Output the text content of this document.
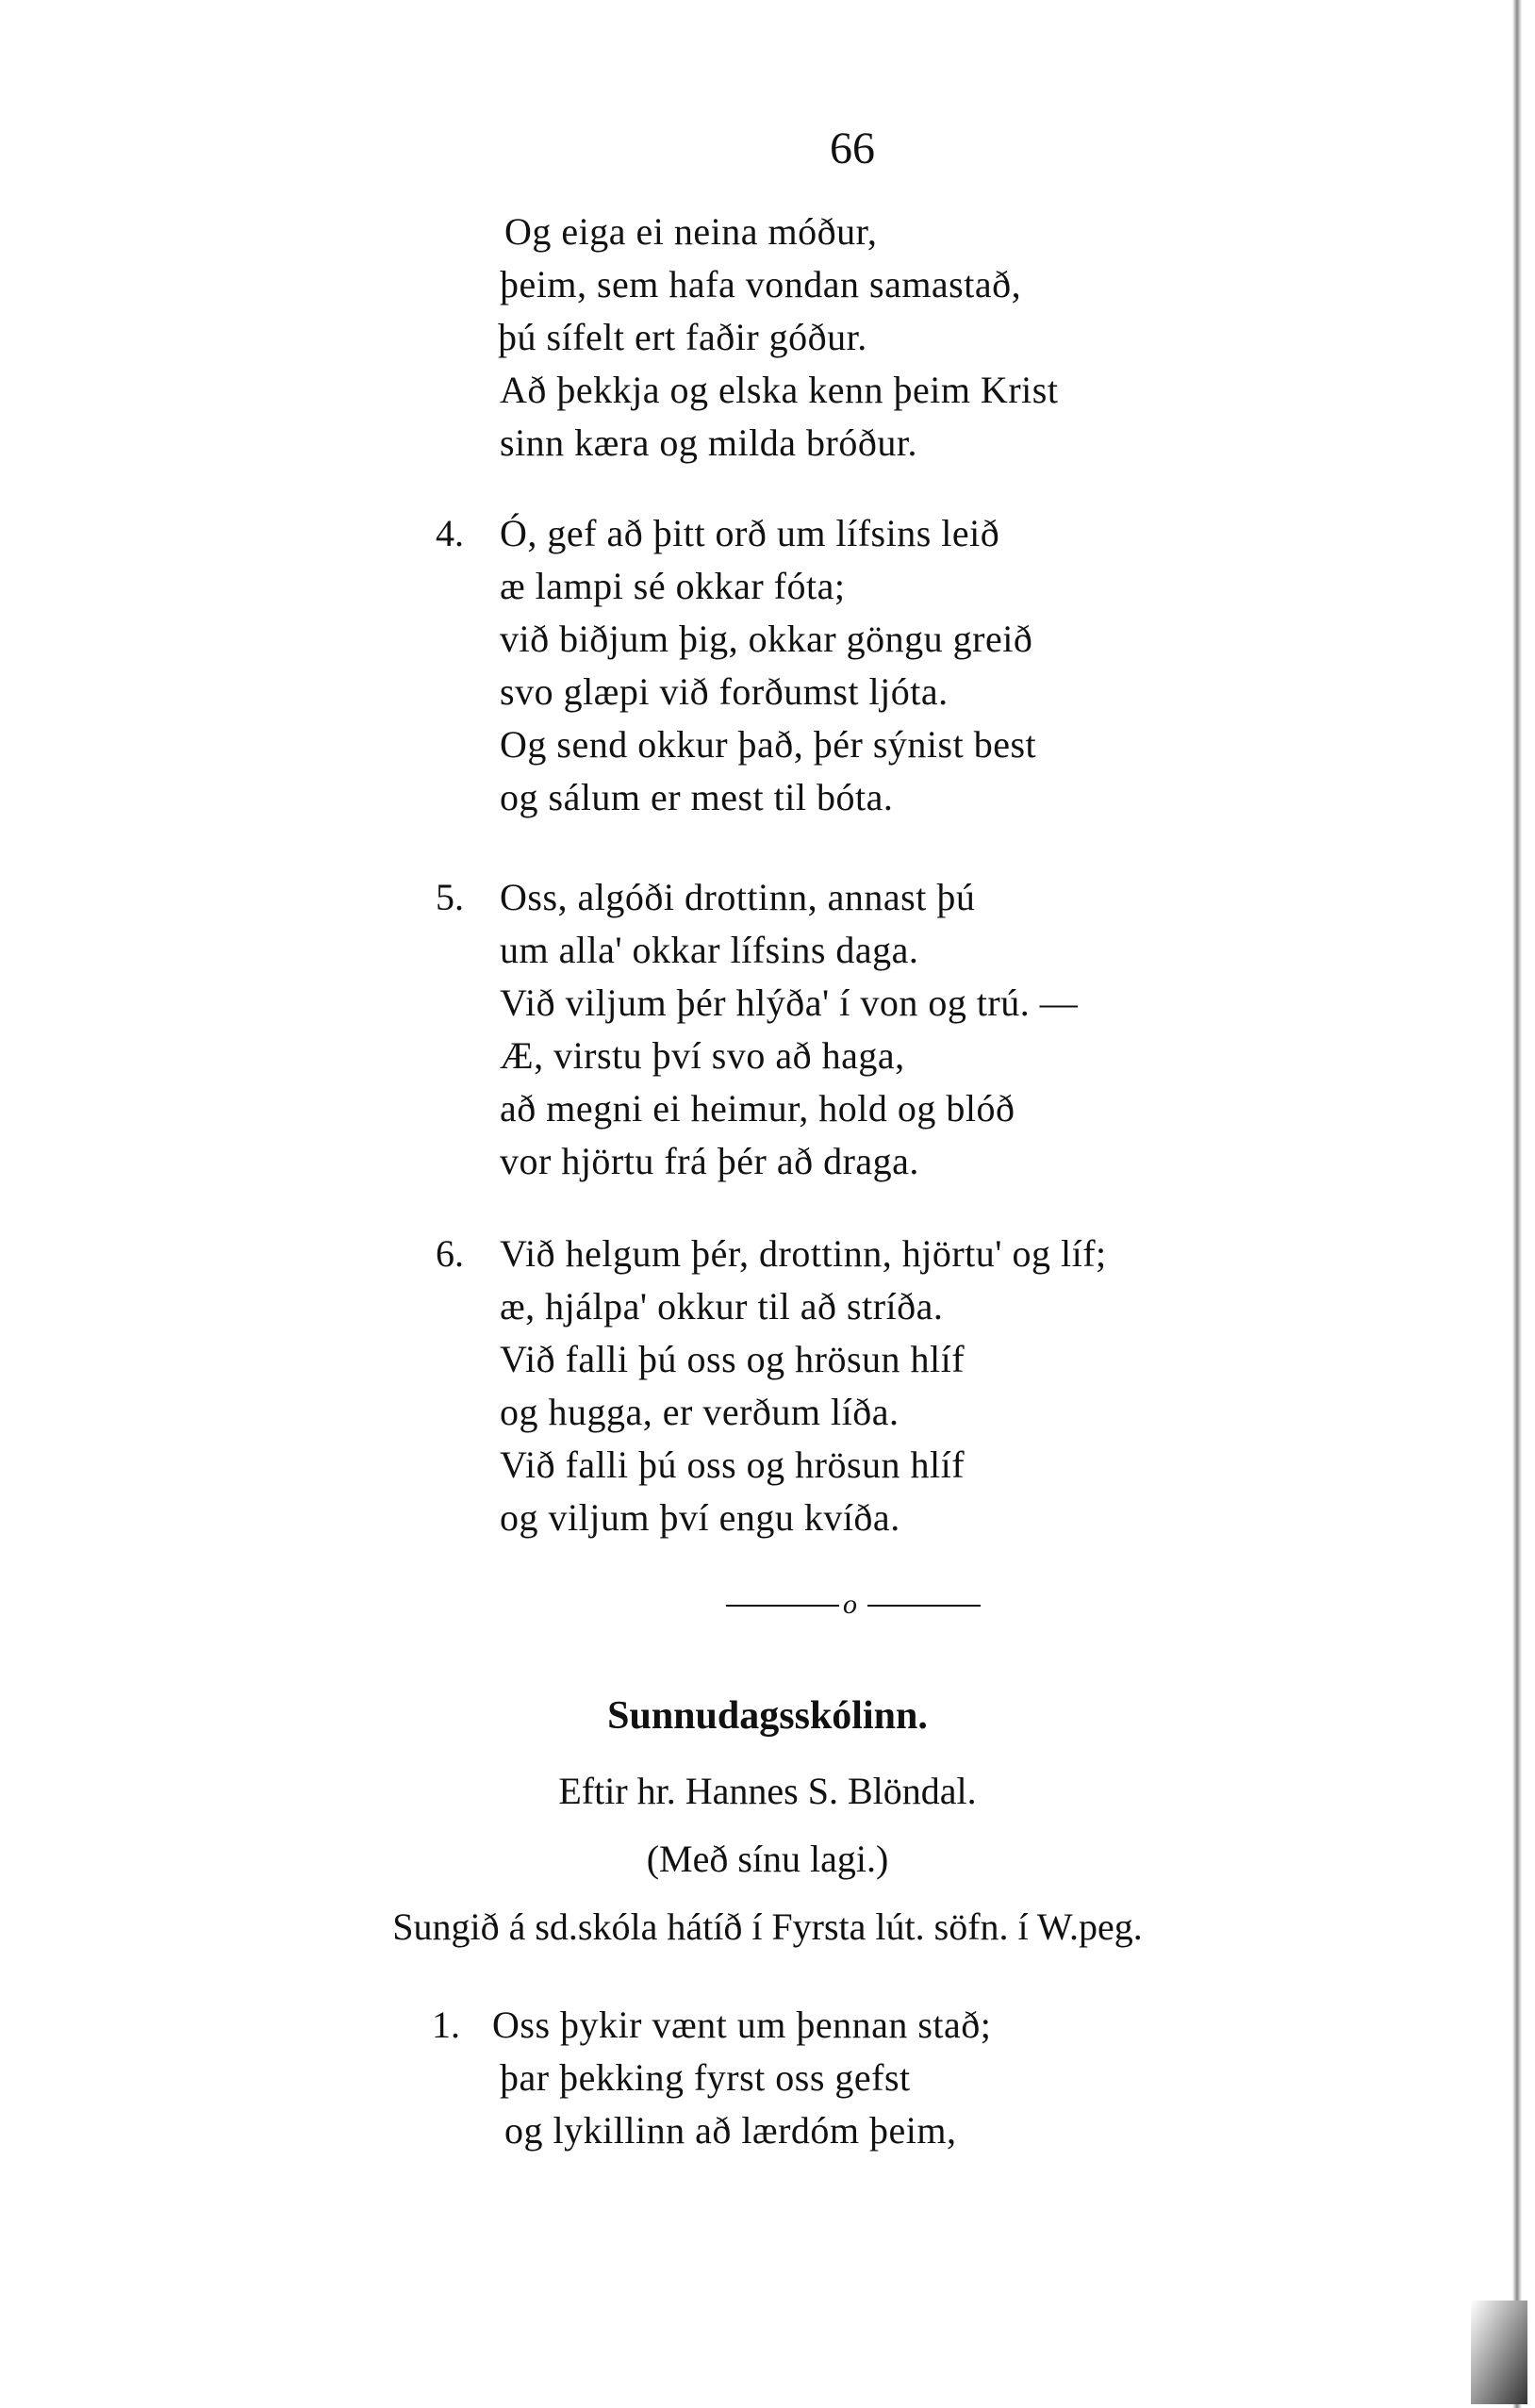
66
Og eiga ei neina móður,
þeim, sem hafa vondan samastað,
þú sífelt ert faðir góður.
Að þekkja og elska kenn þeim Krist
sinn kæra og milda bróður.
4. Ó, gef að þitt orð um lífsins leið
æ lampi sé okkar fóta;
við biðjum þig, okkar göngu greið
svo glæpi við forðumst ljóta.
Og send okkur það, þér sýnist best
og sálum er mest til bóta.
5. Oss, algóði drottinn, annast þú
um alla' okkar lífsins daga.
Við viljum þér hlýða' í von og trú. —
Æ, virstu því svo að haga,
að megni ei heimur, hold og blóð
vor hjörtu frá þér að draga.
6. Við helgum þér, drottinn, hjörtu' og líf;
æ, hjálpa' okkur til að stríða.
Við falli þú oss og hrösun hlíf
og hugga, er verðum líða.
Við falli þú oss og hrösun hlíf
og viljum því engu kvíða.
o
Sunnudagsskólinn.
Eftir hr. Hannes S. Blöndal.
(Með sínu lagi.)
Sungið á sd.skóla hátíð í Fyrsta lút. söfn. í W.peg.
1. Oss þykir vænt um þennan stað;
þar þekking fyrst oss gefst
og lykillinn að lærdóm þeim,
